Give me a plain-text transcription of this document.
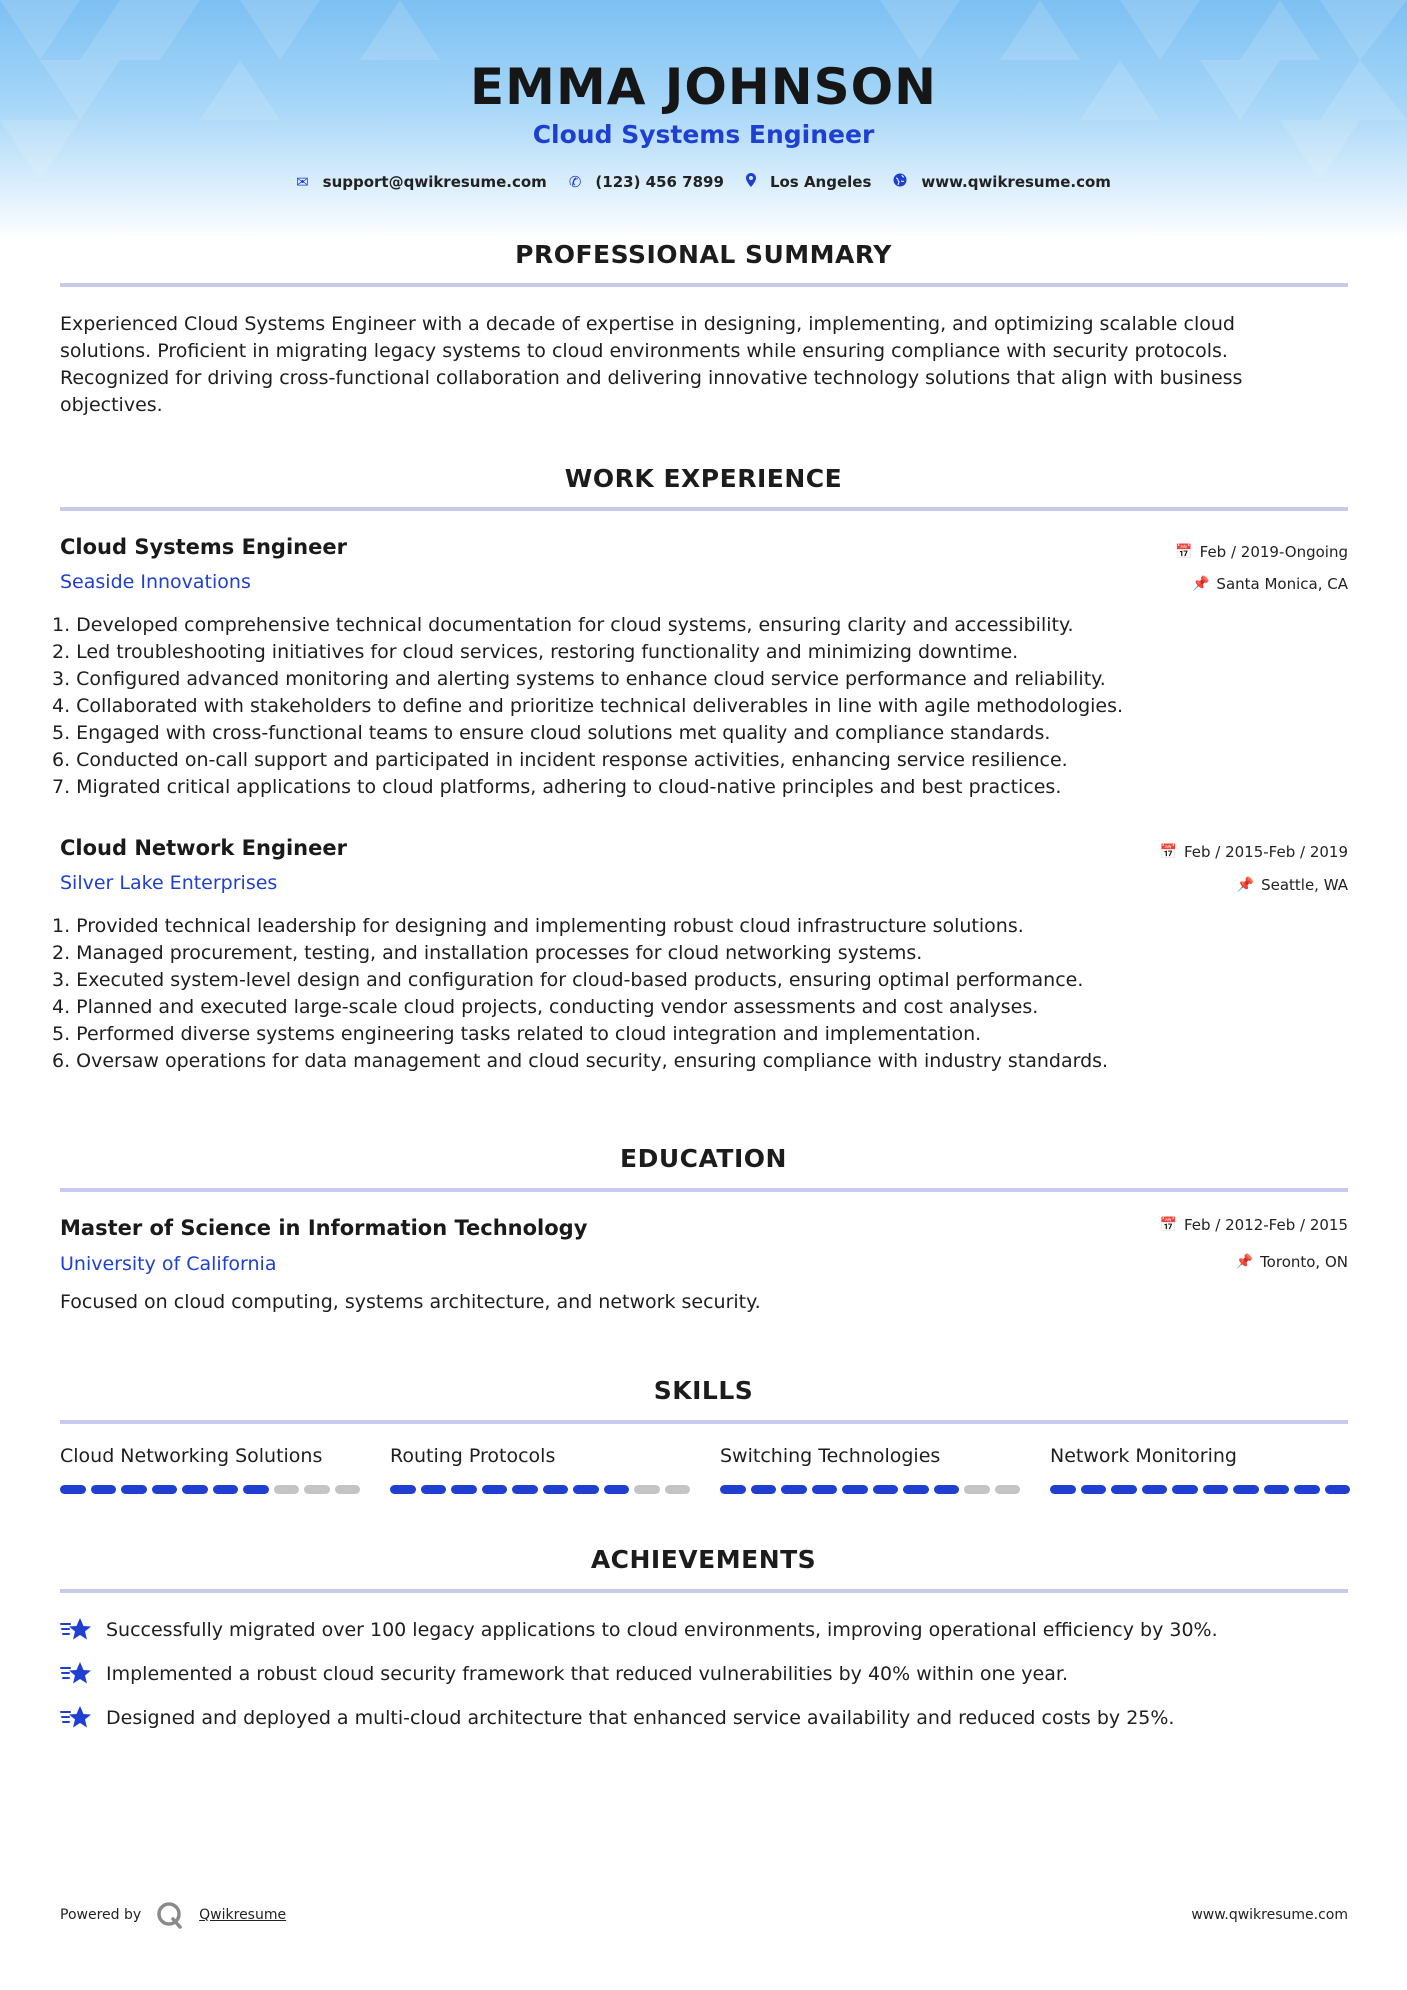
EMMA JOHNSON
Cloud Systems Engineer
✉ support@qwikresume.com ✆ (123) 456 7899	Los Angeles	www.qwikresume.com
PROFESSIONAL SUMMARY
Experienced Cloud Systems Engineer with a decade of expertise in designing, implementing, and optimizing scalable cloud
solutions. Proficient in migrating legacy systems to cloud environments while ensuring compliance with security protocols.
Recognized for driving cross-functional collaboration and delivering innovative technology solutions that align with business
objectives.
WORK EXPERIENCE
Cloud Systems Engineer	📅 Feb / 2019-Ongoing
Seaside Innovations	📌 Santa Monica, CA
1. Developed comprehensive technical documentation for cloud systems, ensuring clarity and accessibility.
2. Led troubleshooting initiatives for cloud services, restoring functionality and minimizing downtime.
3. Configured advanced monitoring and alerting systems to enhance cloud service performance and reliability.
4. Collaborated with stakeholders to define and prioritize technical deliverables in line with agile methodologies.
5. Engaged with cross-functional teams to ensure cloud solutions met quality and compliance standards.
6. Conducted on-call support and participated in incident response activities, enhancing service resilience.
7. Migrated critical applications to cloud platforms, adhering to cloud-native principles and best practices.
Cloud Network Engineer	📅 Feb / 2015-Feb / 2019
Silver Lake Enterprises	📌 Seattle, WA
1. Provided technical leadership for designing and implementing robust cloud infrastructure solutions.
2. Managed procurement, testing, and installation processes for cloud networking systems.
3. Executed system-level design and configuration for cloud-based products, ensuring optimal performance.
4. Planned and executed large-scale cloud projects, conducting vendor assessments and cost analyses.
5. Performed diverse systems engineering tasks related to cloud integration and implementation.
6. Oversaw operations for data management and cloud security, ensuring compliance with industry standards.
EDUCATION
Master of Science in Information Technology	📅 Feb / 2012-Feb / 2015
University of California	📌 Toronto, ON
Focused on cloud computing, systems architecture, and network security.
SKILLS
Cloud Networking Solutions	Routing Protocols	Switching Technologies	Network Monitoring
ACHIEVEMENTS
Successfully migrated over 100 legacy applications to cloud environments, improving operational efficiency by 30%.
Implemented a robust cloud security framework that reduced vulnerabilities by 40% within one year.
Designed and deployed a multi-cloud architecture that enhanced service availability and reduced costs by 25%.
Powered by	Qwikresume	www.qwikresume.com
